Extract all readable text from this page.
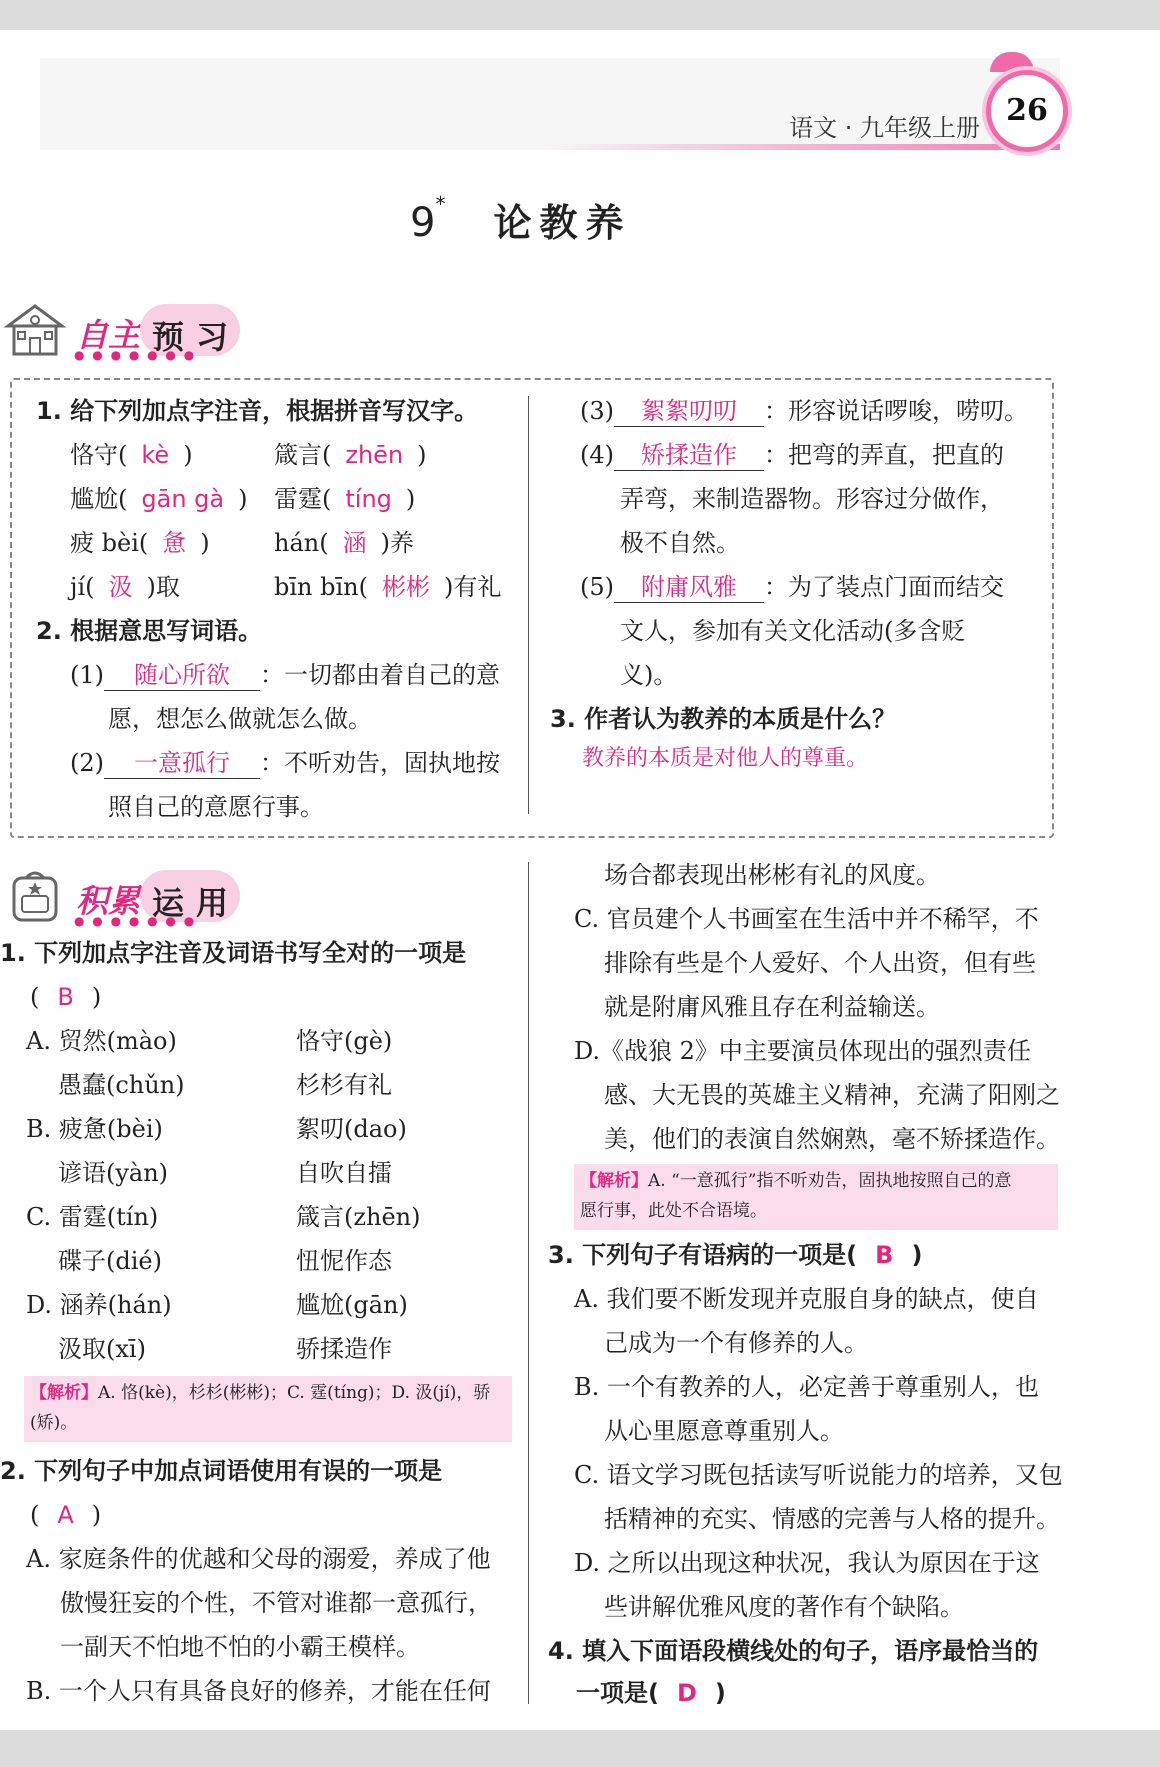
语文 · 九年级上册 26
9* 论教养
自主 预 习
● ● ● ● ● ● ●
1. 给下列加点字注音，根据拼音写汉字。
恪守( kè )	箴言( zhēn )
尴尬( gān gà ) 雷霆( tíng )
疲 bèi( 惫 )	hán( 涵 )养
jí( 汲 )取	bīn bīn( 彬彬 )有礼
2. 根据意思写词语。
(1) 随心所欲 ：一切都由着自己的意
愿，想怎么做就怎么做。
(2) 一意孤行 ：不听劝告，固执地按
照自己的意愿行事。
(3) 絮絮叨叨 ：形容说话啰唆，唠叨。
(4) 矫揉造作 ：把弯的弄直，把直的
弄弯，来制造器物。形容过分做作，
极不自然。
(5) 附庸风雅 ：为了装点门面而结交
文人，参加有关文化活动(多含贬
义)。
3. 作者认为教养的本质是什么？
教养的本质是对他人的尊重。
积累 运 用
● ● ● ● ● ● ●
1. 下列加点字注音及词语书写全对的一项是
( B )
A. 贸然(mào)	恪守(gè)
愚蠢(chǔn)	杉杉有礼
B. 疲惫(bèi)	絮叨(dao)
谚语(yàn)	自吹自擂
C. 雷霆(tín)	箴言(zhēn)
碟子(dié)	忸怩作态
D. 涵养(hán)	尴尬(gān)
汲取(xī)	骄揉造作
【解析】A. 恪(kè)，杉杉(彬彬)；C. 霆(tíng)；D. 汲(jí)，骄
(矫)。
2. 下列句子中加点词语使用有误的一项是
( A )
A. 家庭条件的优越和父母的溺爱，养成了他
傲慢狂妄的个性，不管对谁都一意孤行，
一副天不怕地不怕的小霸王模样。
B. 一个人只有具备良好的修养，才能在任何
场合都表现出彬彬有礼的风度。
C. 官员建个人书画室在生活中并不稀罕，不
排除有些是个人爱好、个人出资，但有些
就是附庸风雅且存在利益输送。
D.《战狼 2》中主要演员体现出的强烈责任
感、大无畏的英雄主义精神，充满了阳刚之
美，他们的表演自然娴熟，毫不矫揉造作。
【解析】A. “一意孤行”指不听劝告，固执地按照自己的意
愿行事，此处不合语境。
3. 下列句子有语病的一项是( B )
A. 我们要不断发现并克服自身的缺点，使自
己成为一个有修养的人。
B. 一个有教养的人，必定善于尊重别人，也
从心里愿意尊重别人。
C. 语文学习既包括读写听说能力的培养，又包
括精神的充实、情感的完善与人格的提升。
D. 之所以出现这种状况，我认为原因在于这
些讲解优雅风度的著作有个缺陷。
4. 填入下面语段横线处的句子，语序最恰当的
一项是( D )
